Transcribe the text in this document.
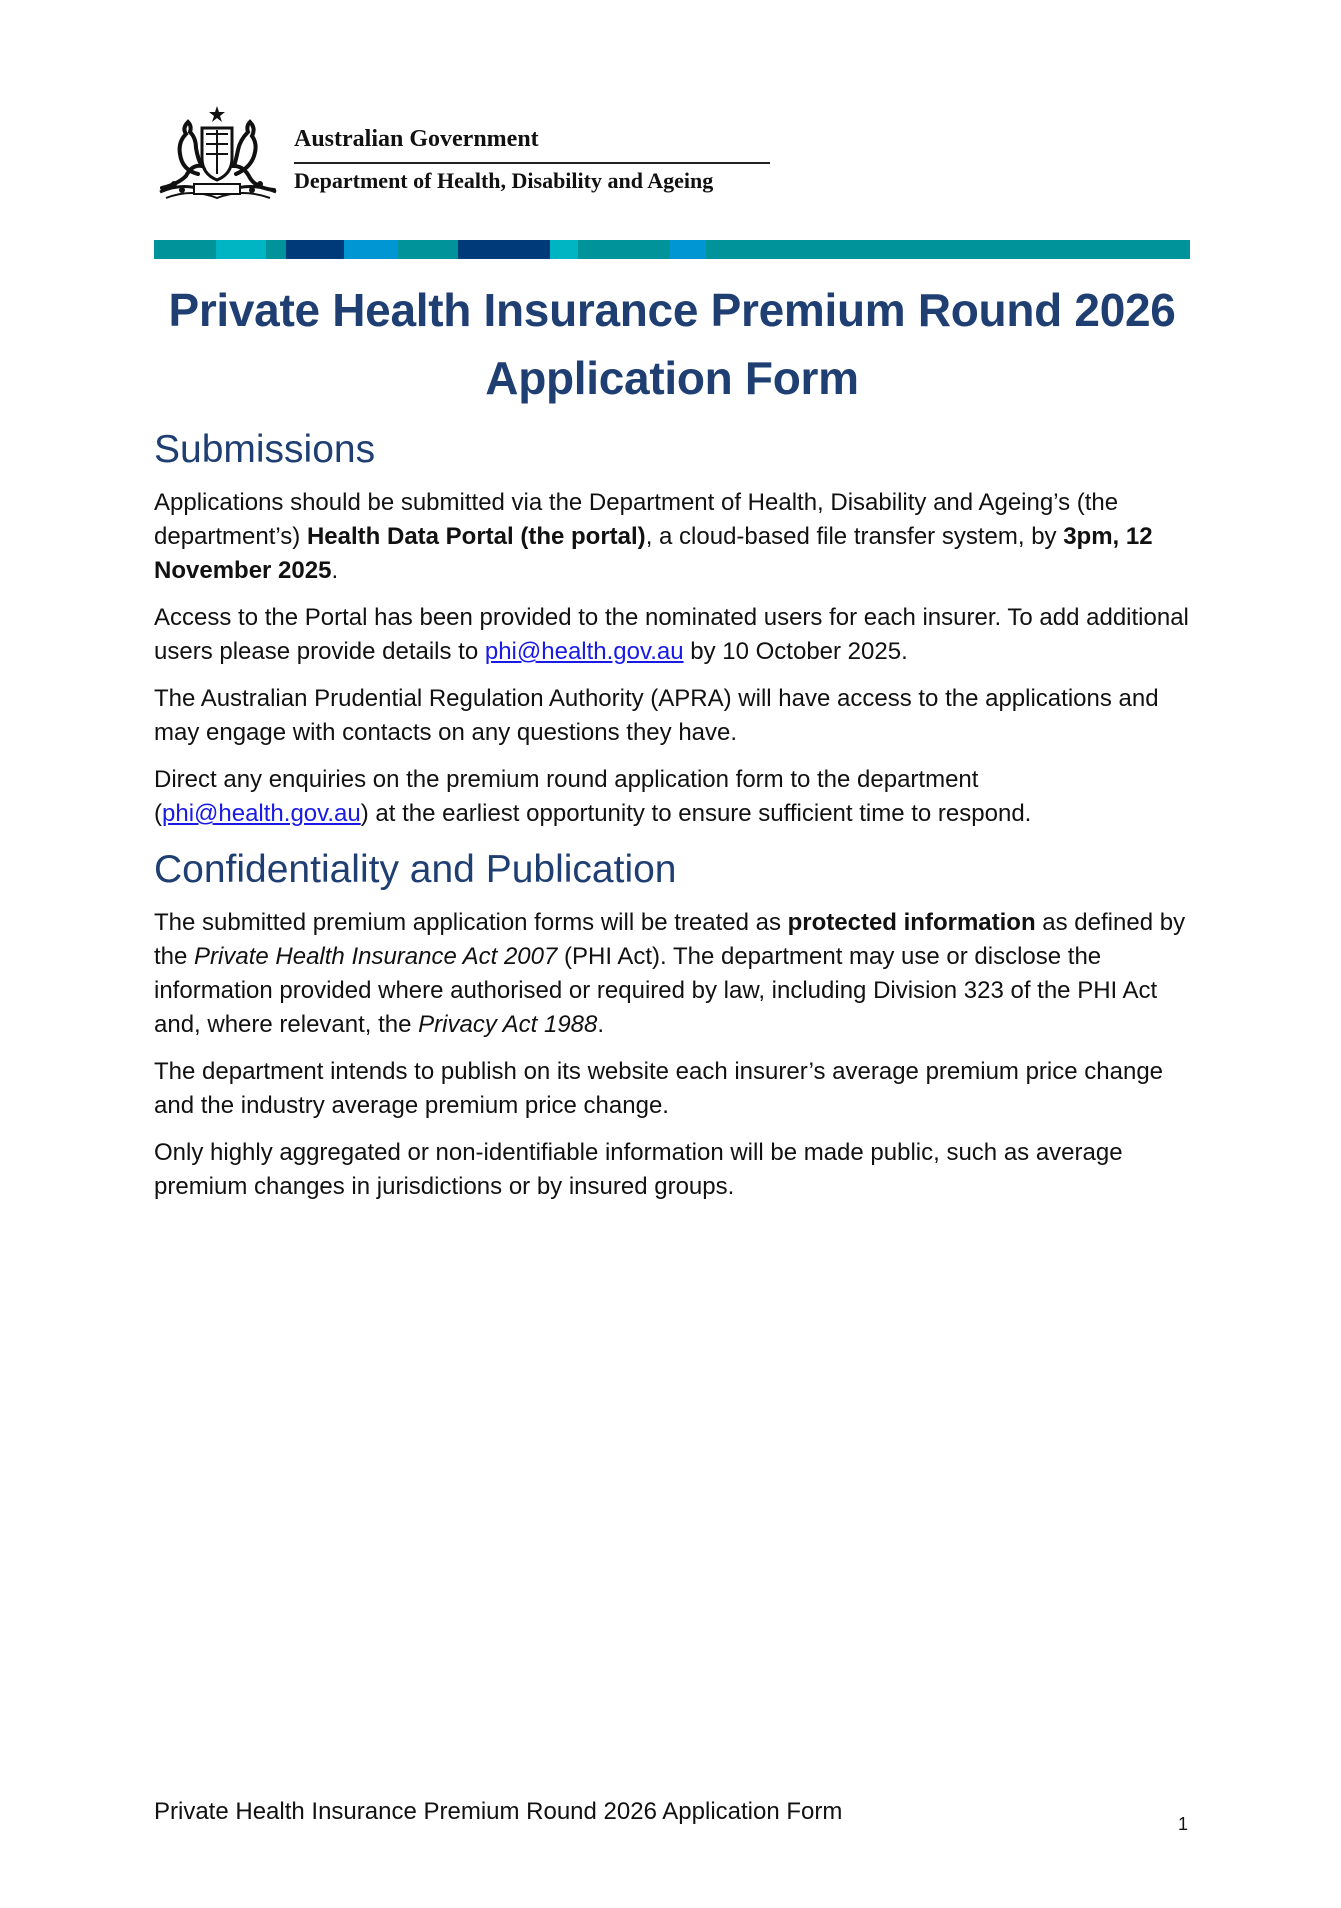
Australian Government
Department of Health, Disability and Ageing
Private Health Insurance Premium Round 2026
Application Form
Submissions

Applications should be submitted via the Department of Health, Disability and Ageing’s (the department’s) Health Data Portal (the portal), a cloud-based file transfer system, by 3pm, 12 November 2025.

Access to the Portal has been provided to the nominated users for each insurer. To add additional users please provide details to phi@health.gov.au by 10 October 2025.

The Australian Prudential Regulation Authority (APRA) will have access to the applications and may engage with contacts on any questions they have.

Direct any enquiries on the premium round application form to the department (phi@health.gov.au) at the earliest opportunity to ensure sufficient time to respond.

Confidentiality and Publication

The submitted premium application forms will be treated as protected information as defined by the Private Health Insurance Act 2007 (PHI Act). The department may use or disclose the information provided where authorised or required by law, including Division 323 of the PHI Act and, where relevant, the Privacy Act 1988.

The department intends to publish on its website each insurer’s average premium price change and the industry average premium price change.

Only highly aggregated or non-identifiable information will be made public, such as average premium changes in jurisdictions or by insured groups.

Private Health Insurance Premium Round 2026 Application Form	1
